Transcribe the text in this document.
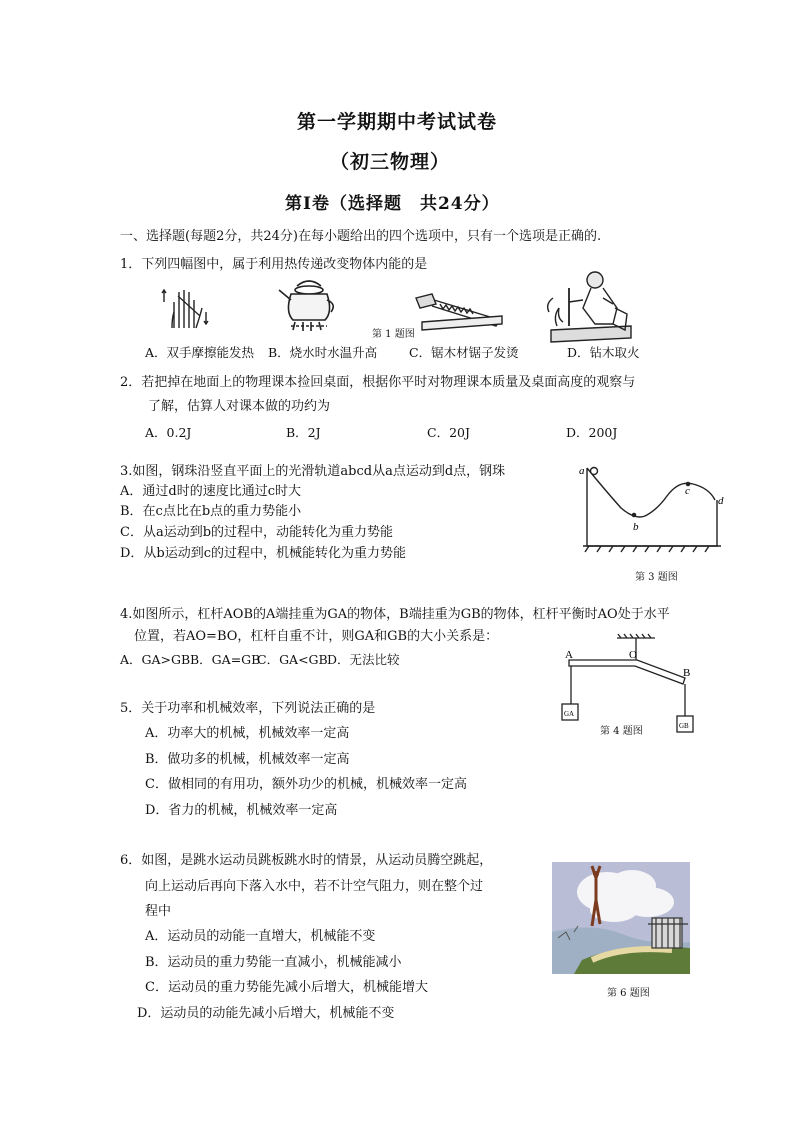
第一学期期中考试试卷
（初三物理）
第Ⅰ卷（选择题　共24分）
一、选择题(每题2分，共24分)在每小题给出的四个选项中，只有一个选项是正确的.
1．下列四幅图中，属于利用热传递改变物体内能的是
第 1 题图
A．双手摩擦能发热 B．烧水时水温升高	C．锯木材锯子发烫	D．钻木取火
2．若把掉在地面上的物理课本捡回桌面，根据你平时对物理课本质量及桌面高度的观察与
了解，估算人对课本做的功约为
A．0.2J	B．2J	C．20J	D．200J
3.如图，钢珠沿竖直平面上的光滑轨道abcd从a点运动到d点，钢珠
A．通过d时的速度比通过c时大
B．在c点比在b点的重力势能小
C．从a运动到b的过程中，动能转化为重力势能
D．从b运动到c的过程中，机械能转化为重力势能
a
b
c
d
第 3 题图
4.如图所示，杠杆AOB的A端挂重为GA的物体，B端挂重为GB的物体，杠杆平衡时AO处于水平
位置，若AO=BO，杠杆自重不计，则GA和GB的大小关系是：
A．GA>GB B．GA=GB
C．GA<GB D．无法比较	A	O
B
GA
GB
第 4 题图
5．关于功率和机械效率，下列说法正确的是
A．功率大的机械，机械效率一定高
B．做功多的机械，机械效率一定高
C．做相同的有用功，额外功少的机械，机械效率一定高
D．省力的机械，机械效率一定高
6．如图，是跳水运动员跳板跳水时的情景，从运动员腾空跳起，
向上运动后再向下落入水中，若不计空气阻力，则在整个过
程中
A．运动员的动能一直增大，机械能不变
B．运动员的重力势能一直减小，机械能减小
C．运动员的重力势能先减小后增大，机械能增大
D．运动员的动能先减小后增大，机械能不变
第 6 题图
